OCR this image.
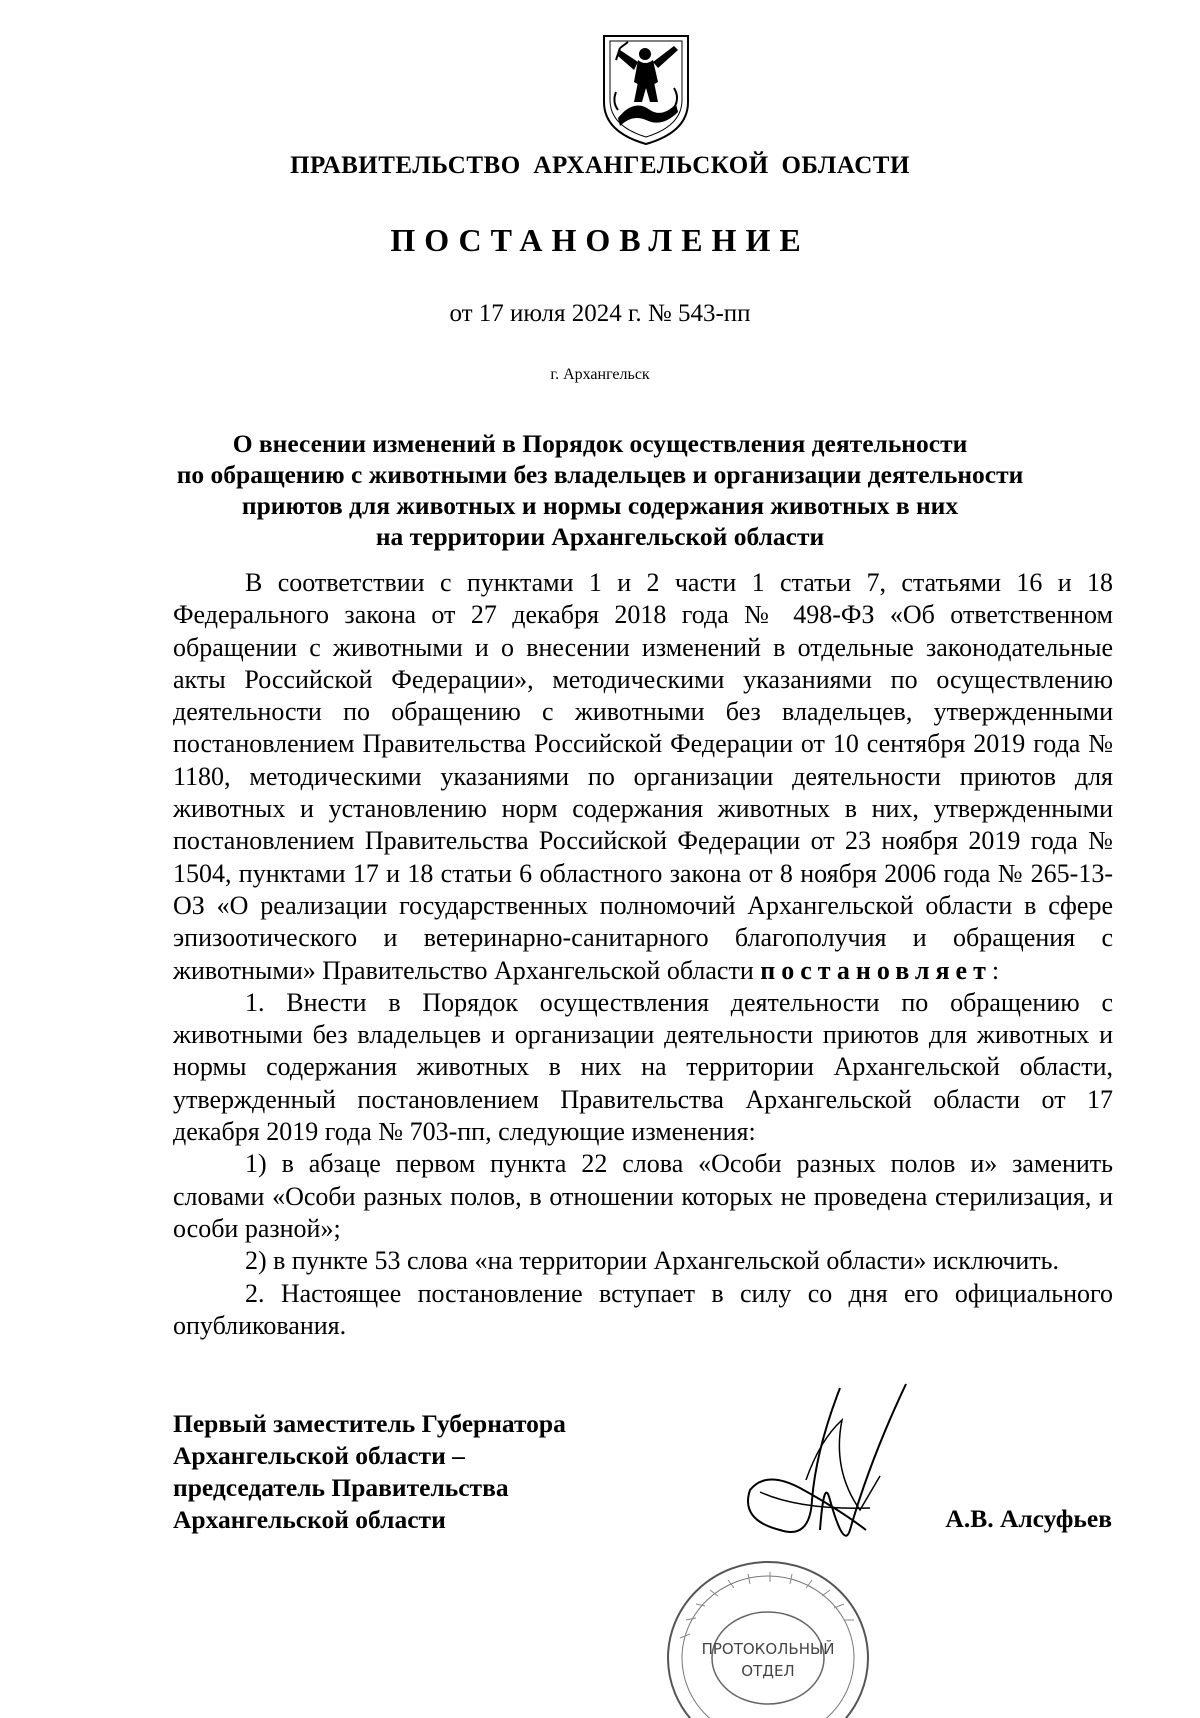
ПРАВИТЕЛЬСТВО АРХАНГЕЛЬСКОЙ ОБЛАСТИ
ПОСТАНОВЛЕНИЕ
от 17 июля 2024 г. № 543-пп
г. Архангельск
О внесении изменений в Порядок осуществления деятельности
по обращению с животными без владельцев и организации деятельности
приютов для животных и нормы содержания животных в них
на территории Архангельской области

В соответствии с пунктами 1 и 2 части 1 статьи 7, статьями 16 и 18 Федерального закона от 27 декабря 2018 года № 498-ФЗ «Об ответственном обращении с животными и о внесении изменений в отдельные законодательные акты Российской Федерации», методическими указаниями по осуществлению деятельности по обращению с животными без владельцев, утвержденными постановлением Правительства Российской Федерации от 10 сентября 2019 года № 1180, методическими указаниями по организации деятельности приютов для животных и установлению норм содержания животных в них, утвержденными постановлением Правительства Российской Федерации от 23 ноября 2019 года № 1504, пунктами 17 и 18 статьи 6 областного закона от 8 ноября 2006 года № 265-13-ОЗ «О реализации государственных полномочий Архангельской области в сфере эпизоотического и ветеринарно-санитарного благополучия и обращения с животными» Правительство Архангельской области постановляет:

1. Внести в Порядок осуществления деятельности по обращению с животными без владельцев и организации деятельности приютов для животных и нормы содержания животных в них на территории Архангельской области, утвержденный постановлением Правительства Архангельской области от 17 декабря 2019 года № 703-пп, следующие изменения:

1) в абзаце первом пункта 22 слова «Особи разных полов и» заменить словами «Особи разных полов, в отношении которых не проведена стерилизация, и особи разной»;

2) в пункте 53 слова «на территории Архангельской области» исключить.

2. Настоящее постановление вступает в силу со дня его официального опубликования.

Первый заместитель Губернатора
Архангельской области –
председатель Правительства
Архангельской области	А.В. Алсуфьев
ПРОТОКОЛЬНЫЙ
ОТДЕЛ
